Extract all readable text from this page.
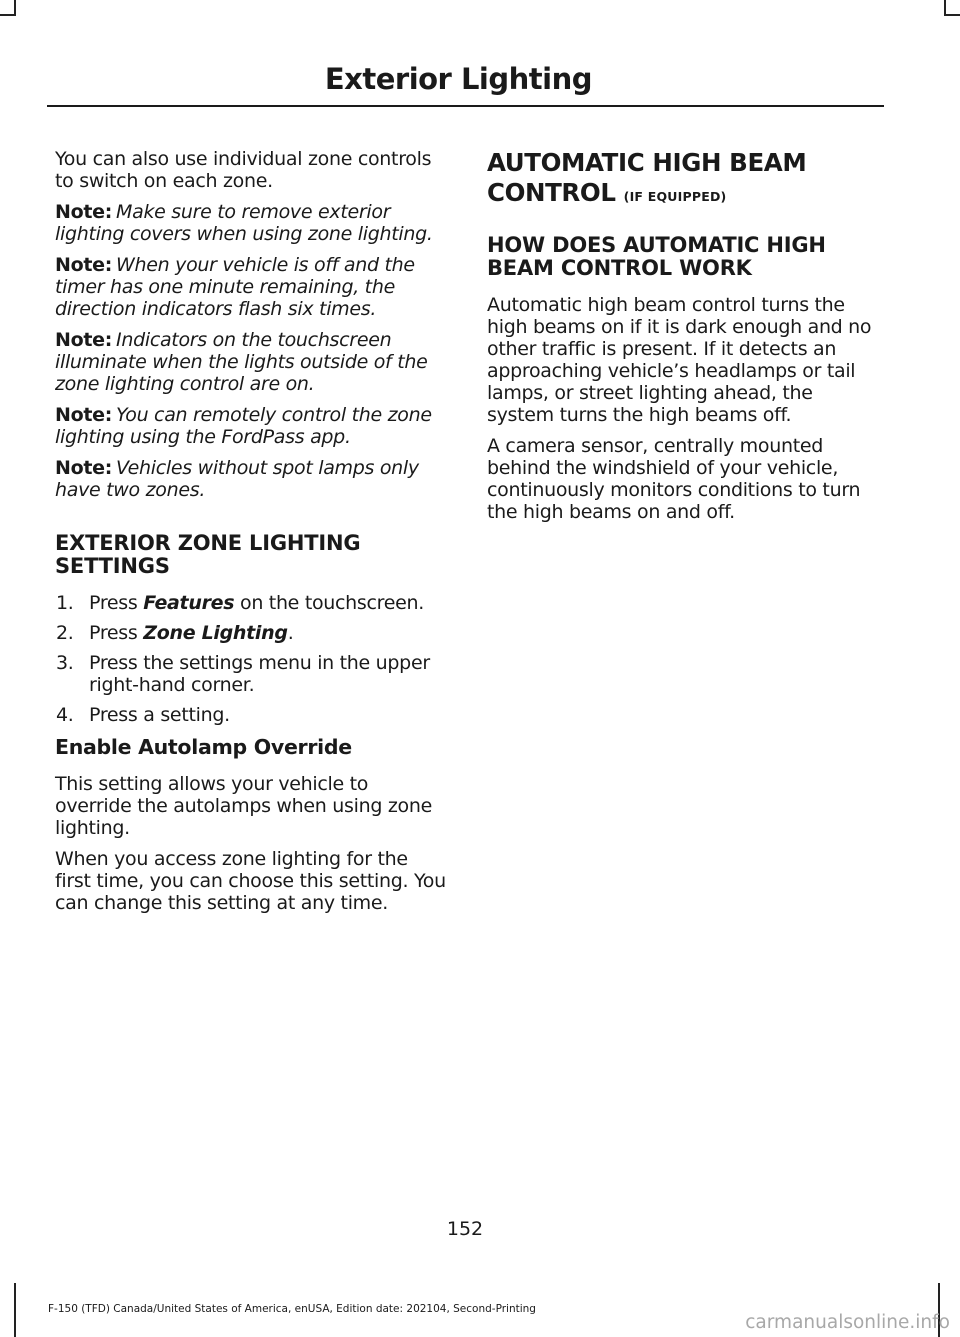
Exterior Lighting

You can also use individual zone controls to switch on each zone.

Note: Make sure to remove exterior lighting covers when using zone lighting.

Note: When your vehicle is off and the timer has one minute remaining, the direction indicators flash six times.

Note: Indicators on the touchscreen illuminate when the lights outside of the zone lighting control are on.

Note: You can remotely control the zone lighting using the FordPass app.

Note: Vehicles without spot lamps only have two zones.

EXTERIOR ZONE LIGHTING SETTINGS
1. Press Features on the touchscreen.
2. Press Zone Lighting.
3. Press the settings menu in the upper right-hand corner.
4. Press a setting.
Enable Autolamp Override

This setting allows your vehicle to override the autolamps when using zone lighting.

When you access zone lighting for the first time, you can choose this setting. You can change this setting at any time.

AUTOMATIC HIGH BEAM CONTROL (IF EQUIPPED)
HOW DOES AUTOMATIC HIGH BEAM CONTROL WORK

Automatic high beam control turns the high beams on if it is dark enough and no other traffic is present. If it detects an approaching vehicle’s headlamps or tail lamps, or street lighting ahead, the system turns the high beams off.

A camera sensor, centrally mounted behind the windshield of your vehicle, continuously monitors conditions to turn the high beams on and off.

152
F-150 (TFD) Canada/United States of America, enUSA, Edition date: 202104, Second-Printing
carmanualsonline.info
